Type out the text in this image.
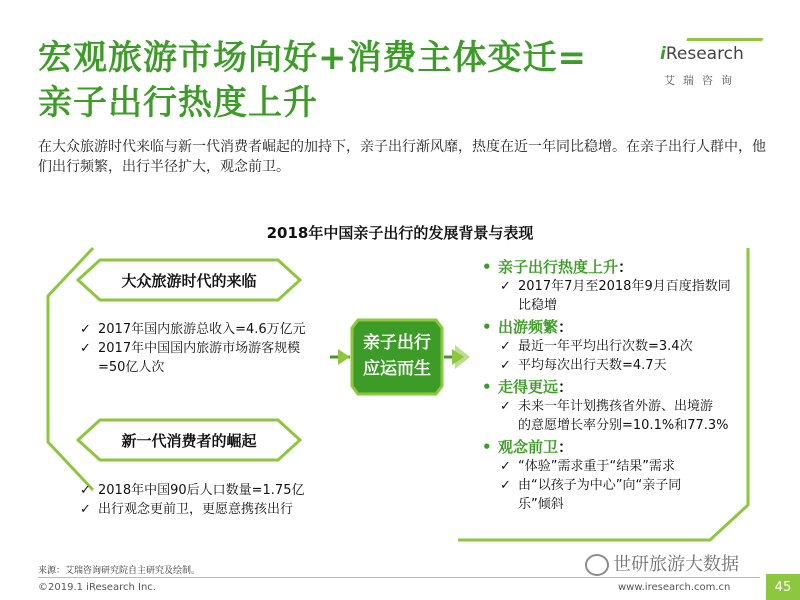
宏观旅游市场向好+消费主体变迁=
亲子出行热度上升
iResearch
艾瑞咨询
在大众旅游时代来临与新一代消费者崛起的加持下，亲子出行渐风靡，热度在近一年同比稳增。在亲子出行人群中，他们出行频繁，出行半径扩大，观念前卫。
2018年中国亲子出行的发展背景与表现
大众旅游时代的来临
新一代消费者的崛起
✓ 2017年国内旅游总收入=4.6万亿元
✓ 2017年中国国内旅游市场游客规模
=50亿人次
✓ 2018年中国90后人口数量=1.75亿
✓ 出行观念更前卫，更愿意携孩出行
亲子出行
应运而生
• 亲子出行热度上升：
✓ 2017年7月至2018年9月百度指数同
比稳增
• 出游频繁：
✓ 最近一年平均出行次数=3.4次
✓ 平均每次出行天数=4.7天
• 走得更远：
✓ 未来一年计划携孩省外游、出境游
的意愿增长率分别=10.1%和77.3%
• 观念前卫：
✓ “体验”需求重于“结果”需求
✓ 由“以孩子为中心”向“亲子同
乐”倾斜
来源：艾瑞咨询研究院自主研究及绘制。	世研旅游大数据
©2019.1 iResearch Inc.	www.iresearch.com.cn	45
